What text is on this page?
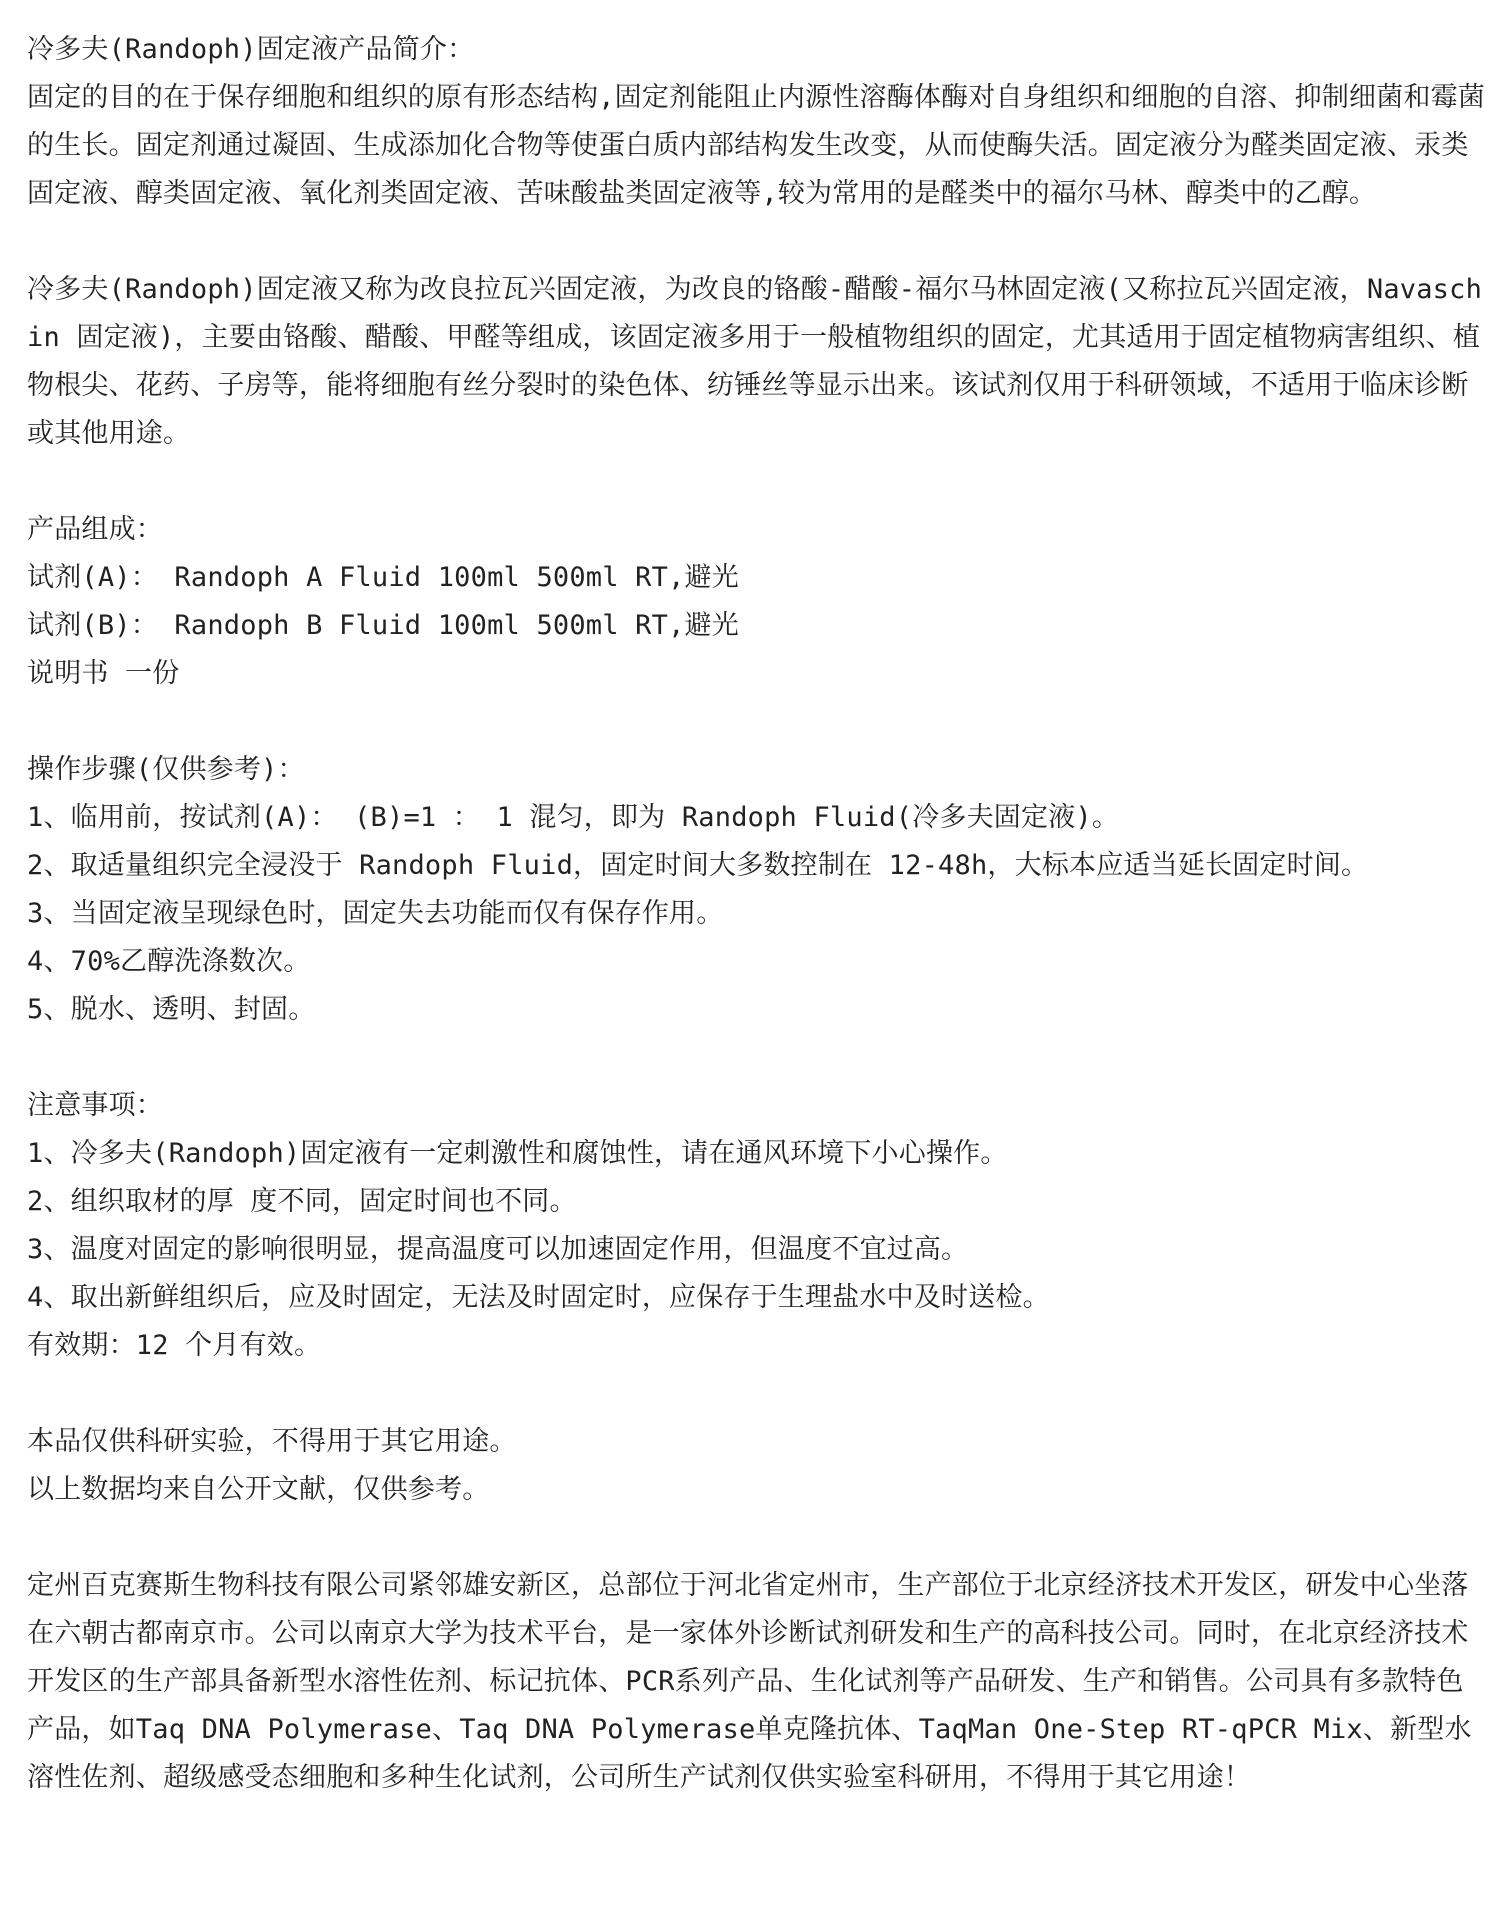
冷多夫(Randoph)固定液产品简介：

固定的目的在于保存细胞和组织的原有形态结构,固定剂能阻止内源性溶酶体酶对自身组织和细胞的自溶、抑制细菌和霉菌的生长。固定剂通过凝固、生成添加化合物等使蛋白质内部结构发生改变，从而使酶失活。固定液分为醛类固定液、汞类固定液、醇类固定液、氧化剂类固定液、苦味酸盐类固定液等,较为常用的是醛类中的福尔马林、醇类中的乙醇。

冷多夫(Randoph)固定液又称为改良拉瓦兴固定液，为改良的铬酸-醋酸-福尔马林固定液(又称拉瓦兴固定液，Navaschin 固定液)，主要由铬酸、醋酸、甲醛等组成，该固定液多用于一般植物组织的固定，尤其适用于固定植物病害组织、植物根尖、花药、子房等，能将细胞有丝分裂时的染色体、纺锤丝等显示出来。该试剂仅用于科研领域，不适用于临床诊断或其他用途。

产品组成：

试剂(A)： Randoph A Fluid 100ml 500ml RT,避光
试剂(B)： Randoph B Fluid 100ml 500ml RT,避光
说明书 一份

操作步骤(仅供参考)：

1、临用前，按试剂(A)： (B)=1 ： 1 混匀，即为 Randoph Fluid(冷多夫固定液)。

2、取适量组织完全浸没于 Randoph Fluid，固定时间大多数控制在 12-48h，大标本应适当延长固定时间。

3、当固定液呈现绿色时，固定失去功能而仅有保存作用。

4、70%乙醇洗涤数次。

5、脱水、透明、封固。

注意事项：

1、冷多夫(Randoph)固定液有一定刺激性和腐蚀性，请在通风环境下小心操作。

2、组织取材的厚 度不同，固定时间也不同。

3、温度对固定的影响很明显，提高温度可以加速固定作用，但温度不宜过高。

4、取出新鲜组织后，应及时固定，无法及时固定时，应保存于生理盐水中及时送检。

有效期：12 个月有效。

本品仅供科研实验，不得用于其它用途。

以上数据均来自公开文献，仅供参考。

定州百克赛斯生物科技有限公司紧邻雄安新区，总部位于河北省定州市，生产部位于北京经济技术开发区，研发中心坐落在六朝古都南京市。公司以南京大学为技术平台，是一家体外诊断试剂研发和生产的高科技公司。同时，在北京经济技术开发区的生产部具备新型水溶性佐剂、标记抗体、PCR系列产品、生化试剂等产品研发、生产和销售。公司具有多款特色产品，如Taq DNA Polymerase、Taq DNA Polymerase单克隆抗体、TaqMan One-Step RT-qPCR Mix、新型水溶性佐剂、超级感受态细胞和多种生化试剂，公司所生产试剂仅供实验室科研用，不得用于其它用途！
